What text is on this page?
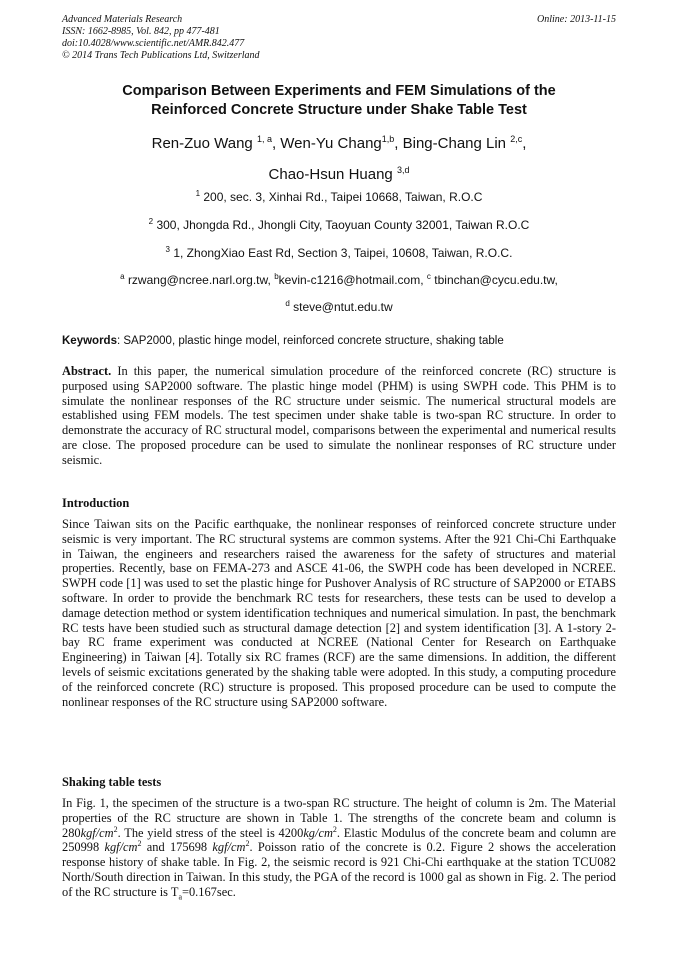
Advanced Materials Research
ISSN: 1662-8985, Vol. 842, pp 477-481
doi:10.4028/www.scientific.net/AMR.842.477
© 2014 Trans Tech Publications Ltd, Switzerland
Online: 2013-11-15
Comparison Between Experiments and FEM Simulations of the
Reinforced Concrete Structure under Shake Table Test
Ren-Zuo Wang $^{1, a}$, Wen-Yu Chang$^{1,b}$, Bing-Chang Lin $^{2,c}$,
Chao-Hsun Huang $^{3,d}$
$^1$ 200, sec. 3, Xinhai Rd., Taipei 10668, Taiwan, R.O.C
$^2$ 300, Jhongda Rd., Jhongli City, Taoyuan County 32001, Taiwan R.O.C
$^3$ 1, ZhongXiao East Rd, Section 3, Taipei, 10608, Taiwan, R.O.C.
$^a$ rzwang@ncree.narl.org.tw, $^b$kevin-c1216@hotmail.com, $^c$ tbinchan@cycu.edu.tw,
$^d$ steve@ntut.edu.tw
Keywords: SAP2000, plastic hinge model, reinforced concrete structure, shaking table
Abstract. In this paper, the numerical simulation procedure of the reinforced concrete (RC) structure is purposed using SAP2000 software. The plastic hinge model (PHM) is using SWPH code. This PHM is to simulate the nonlinear responses of the RC structure under seismic. The numerical structural models are established using FEM models. The test specimen under shake table is two-span RC structure. In order to demonstrate the accuracy of RC structural model, comparisons between the experimental and numerical results are close. The proposed procedure can be used to simulate the nonlinear responses of RC structure under seismic.
Introduction
Since Taiwan sits on the Pacific earthquake, the nonlinear responses of reinforced concrete structure under seismic is very important. The RC structural systems are common systems. After the 921 Chi-Chi Earthquake in Taiwan, the engineers and researchers raised the awareness for the safety of structures and material properties. Recently, base on FEMA-273 and ASCE 41-06, the SWPH code has been developed in NCREE. SWPH code [1] was used to set the plastic hinge for Pushover Analysis of RC structure of SAP2000 or ETABS software. In order to provide the benchmark RC tests for researchers, these tests can be used to develop a damage detection method or system identification techniques and numerical simulation. In past, the benchmark RC tests have been studied such as structural damage detection [2] and system identification [3]. A 1-story 2-bay RC frame experiment was conducted at NCREE (National Center for Research on Earthquake Engineering) in Taiwan [4]. Totally six RC frames (RCF) are the same dimensions. In addition, the different levels of seismic excitations generated by the shaking table were adopted. In this study, a computing procedure of the reinforced concrete (RC) structure is proposed. This proposed procedure can be used to compute the nonlinear responses of the RC structure using SAP2000 software.
Shaking table tests
In Fig. 1, the specimen of the structure is a two-span RC structure. The height of column is 2m. The Material properties of the RC structure are shown in Table 1. The strengths of the concrete beam and column is $280kgf/cm^2$. The yield stress of the steel is $4200kg/cm^2$. Elastic Modulus of the concrete beam and column are 250998 kgf/$cm^2$ and 175698 kgf/$cm^2$. Poisson ratio of the concrete is 0.2. Figure 2 shows the acceleration response history of shake table. In Fig. 2, the seismic record is 921 Chi-Chi earthquake at the station TCU082 North/South direction in Taiwan. In this study, the PGA of the record is 1000 gal as shown in Fig. 2. The period of the RC structure is $T_a=0.167\sec$.
